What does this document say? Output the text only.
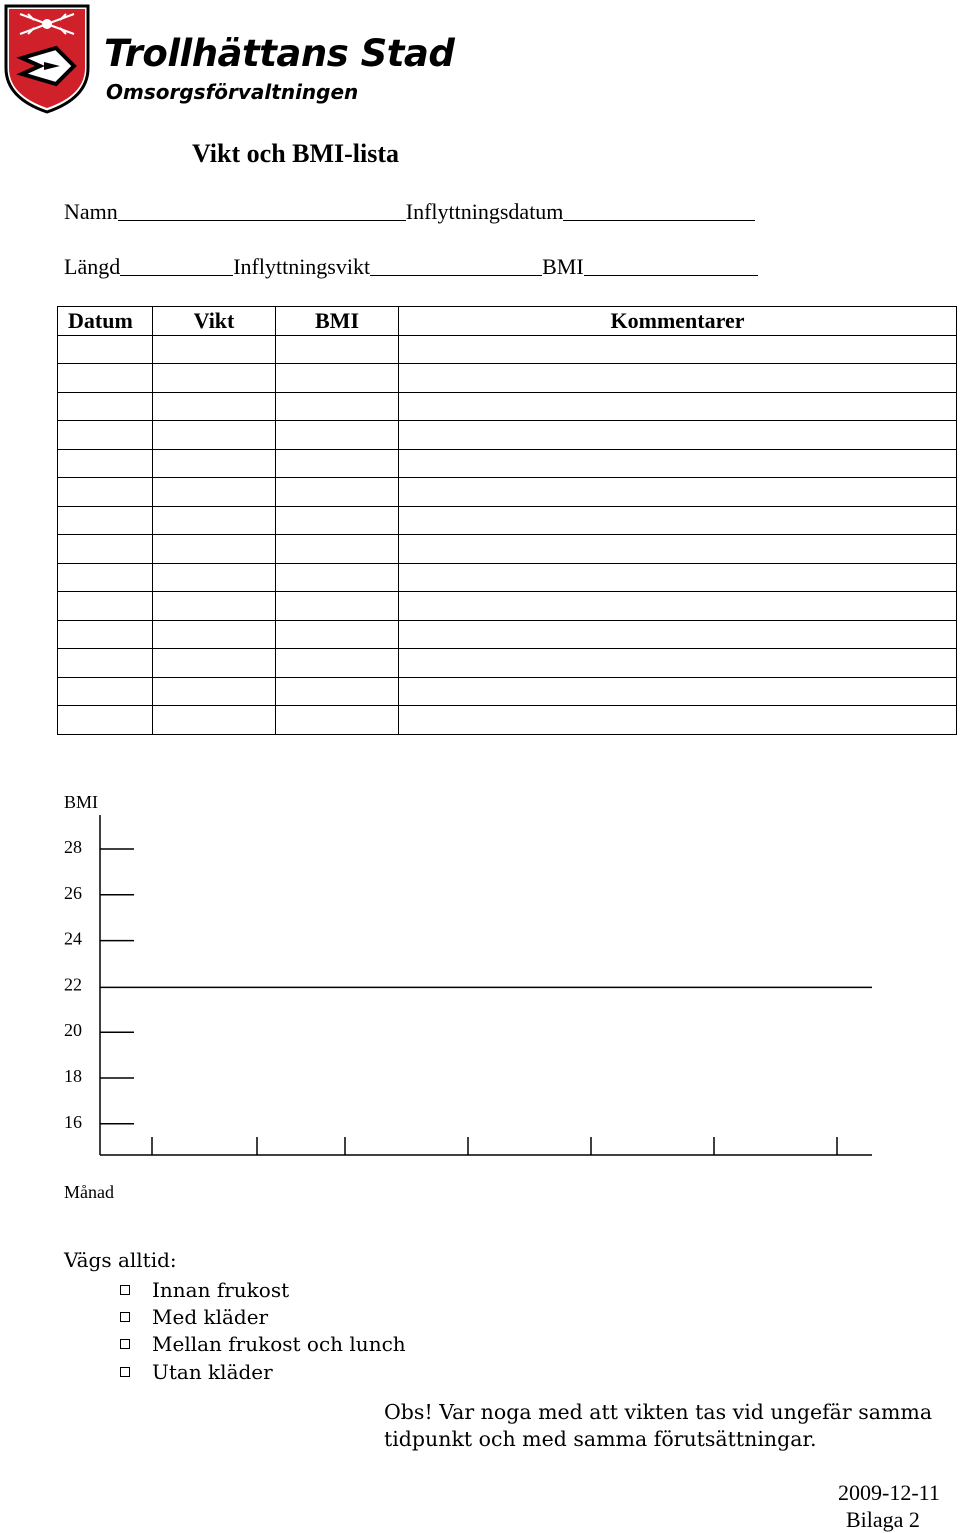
Trollhättans Stad
Omsorgsförvaltningen
Vikt och BMI-lista
Namn	Inflyttningsdatum
Längd	Inflyttningsvikt	BMI
Datum	Vikt	BMI	Kommentarer

BMI
Månad
28
26
24
22
20
18
16
Vägs alltid:
Innan frukost
Med kläder
Mellan frukost och lunch
Utan kläder
Obs! Var noga med att vikten tas vid ungefär samma tidpunkt och med samma förutsättningar.
2009-12-11
Bilaga 2
